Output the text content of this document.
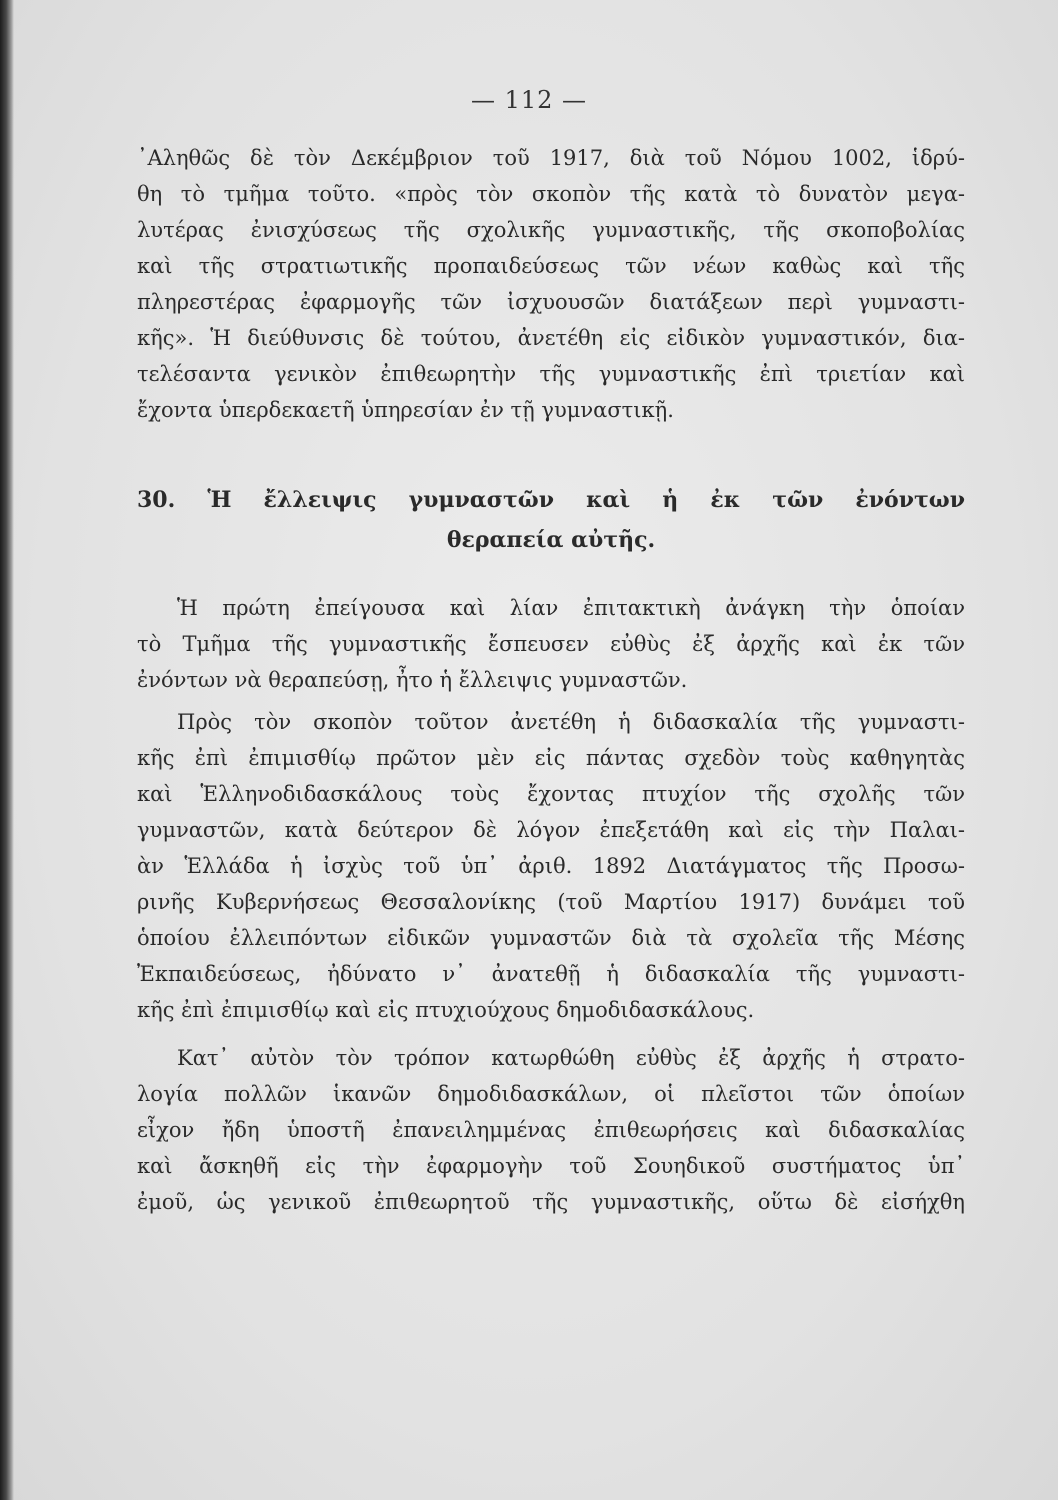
— 112 —
᾿Αληθῶς δὲ τὸν Δεκέμβριον τοῦ 1917, διὰ τοῦ Νόμου 1002, ἱδρύ-
θη τὸ τμῆμα τοῦτο. «πρὸς τὸν σκοπὸν τῆς κατὰ τὸ δυνατὸν μεγα-
λυτέρας ἐνισχύσεως τῆς σχολικῆς γυμναστικῆς, τῆς σκοποβολίας
καὶ τῆς στρατιωτικῆς προπαιδεύσεως τῶν νέων καθὼς καὶ τῆς
πληρεστέρας ἐφαρμογῆς τῶν ἰσχυουσῶν διατάξεων περὶ γυμναστι-
κῆς». Ἡ διεύθυνσις δὲ τούτου, ἀνετέθη εἰς εἰδικὸν γυμναστικόν, δια-
τελέσαντα γενικὸν ἐπιθεωρητὴν τῆς γυμναστικῆς ἐπὶ τριετίαν καὶ
ἔχοντα ὑπερδεκαετῆ ὑπηρεσίαν ἐν τῇ γυμναστικῇ.
30. Ἡ ἔλλειψις γυμναστῶν καὶ ἡ ἐκ τῶν ἐνόντων
θεραπεία αὐτῆς.
Ἡ πρώτη ἐπείγουσα καὶ λίαν ἐπιτακτικὴ ἀνάγκη τὴν ὁποίαν
τὸ Τμῆμα τῆς γυμναστικῆς ἔσπευσεν εὐθὺς ἐξ ἀρχῆς καὶ ἐκ τῶν
ἐνόντων νὰ θεραπεύσῃ, ἦτο ἡ ἔλλειψις γυμναστῶν.
Πρὸς τὸν σκοπὸν τοῦτον ἀνετέθη ἡ διδασκαλία τῆς γυμναστι-
κῆς ἐπὶ ἐπιμισθίῳ πρῶτον μὲν εἰς πάντας σχεδὸν τοὺς καθηγητὰς
καὶ Ἑλληνοδιδασκάλους τοὺς ἔχοντας πτυχίον τῆς σχολῆς τῶν
γυμναστῶν, κατὰ δεύτερον δὲ λόγον ἐπεξετάθη καὶ εἰς τὴν Παλαι-
ὰν Ἑλλάδα ἡ ἰσχὺς τοῦ ὑπ᾿ ἀριθ. 1892 Διατάγματος τῆς Προσω-
ρινῆς Κυβερνήσεως Θεσσαλονίκης (τοῦ Μαρτίου 1917) δυνάμει τοῦ
ὁποίου ἐλλειπόντων εἰδικῶν γυμναστῶν διὰ τὰ σχολεῖα τῆς Μέσης
Ἐκπαιδεύσεως, ἠδύνατο ν᾿ ἀνατεθῇ ἡ διδασκαλία τῆς γυμναστι-
κῆς ἐπὶ ἐπιμισθίῳ καὶ εἰς πτυχιούχους δημοδιδασκάλους.
Κατ᾿ αὐτὸν τὸν τρόπον κατωρθώθη εὐθὺς ἐξ ἀρχῆς ἡ στρατο-
λογία πολλῶν ἱκανῶν δημοδιδασκάλων, οἱ πλεῖστοι τῶν ὁποίων
εἶχον ἤδη ὑποστῆ ἐπανειλημμένας ἐπιθεωρήσεις καὶ διδασκαλίας
καὶ ἄσκηθῆ εἰς τὴν ἐφαρμογὴν τοῦ Σουηδικοῦ συστήματος ὑπ᾿
ἐμοῦ, ὡς γενικοῦ ἐπιθεωρητοῦ τῆς γυμναστικῆς, οὕτω δὲ εἰσήχθη
